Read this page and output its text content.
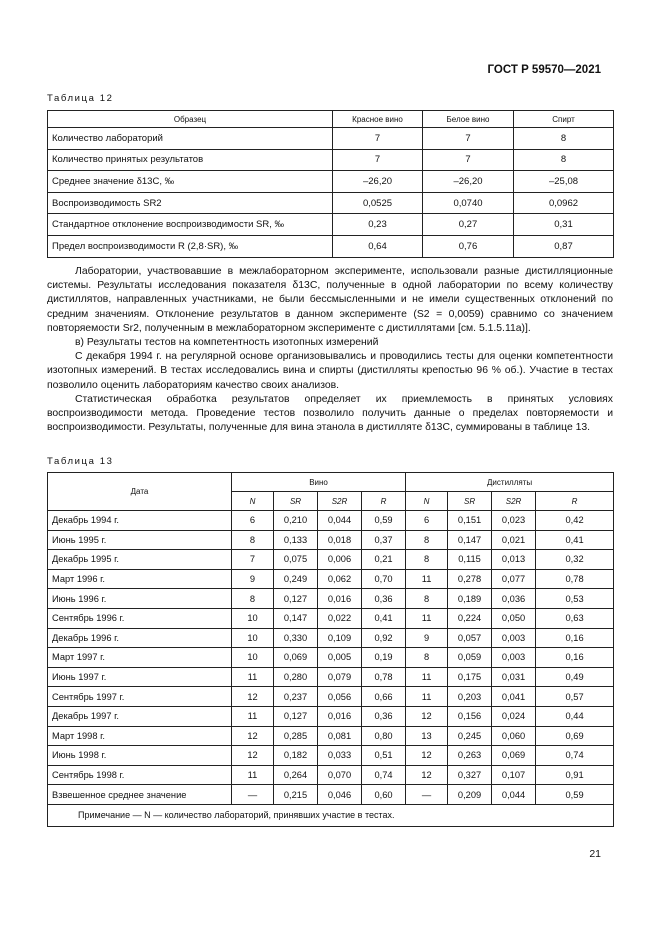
ГОСТ Р 59570—2021
Таблица 12
Образец	Красное вино	Белое вино	Спирт
Количество лабораторий	7	7	8
Количество принятых результатов	7	7	8
Среднее значение δ13C, ‰	–26,20	–26,20	–25,08
Воспроизводимость SR2	0,0525	0,0740	0,0962
Стандартное отклонение воспроизводимости SR, ‰	0,23	0,27	0,31
Предел воспроизводимости R (2,8·SR), ‰	0,64	0,76	0,87

Лаборатории, участвовавшие в межлабораторном эксперименте, использовали разные дистилляционные системы. Результаты исследования показателя δ13C, полученные в одной лаборатории по всему количеству дистиллятов, направленных участниками, не были бессмысленными и не имели существенных отклонений по средним значениям. Отклонение результатов в данном эксперименте (S2 = 0,0059) сравнимо со значением повторяемости Sr2, полученным в межлабораторном эксперименте с дистиллятами [см. 5.1.5.11а)].

в) Результаты тестов на компетентность изотопных измерений

С декабря 1994 г. на регулярной основе организовывались и проводились тесты для оценки компетентности изотопных измерений. В тестах исследовались вина и спирты (дистилляты крепостью 96 % об.). Участие в тестах позволило оценить лабораториям качество своих анализов.

Статистическая обработка результатов определяет их приемлемость в принятых условиях воспроизводимости метода. Проведение тестов позволило получить данные о пределах повторяемости и воспроизводимости. Результаты, полученные для вина этанола в дистилляте δ13C, суммированы в таблице 13.

Таблица 13
Дата	Вино				Дистилляты			
	N	SR	S2R	R	N	SR	S2R	R
Декабрь 1994 г.	6	0,210	0,044	0,59	6	0,151	0,023	0,42
Июнь 1995 г.	8	0,133	0,018	0,37	8	0,147	0,021	0,41
Декабрь 1995 г.	7	0,075	0,006	0,21	8	0,115	0,013	0,32
Март 1996 г.	9	0,249	0,062	0,70	11	0,278	0,077	0,78
Июнь 1996 г.	8	0,127	0,016	0,36	8	0,189	0,036	0,53
Сентябрь 1996 г.	10	0,147	0,022	0,41	11	0,224	0,050	0,63
Декабрь 1996 г.	10	0,330	0,109	0,92	9	0,057	0,003	0,16
Март 1997 г.	10	0,069	0,005	0,19	8	0,059	0,003	0,16
Июнь 1997 г.	11	0,280	0,079	0,78	11	0,175	0,031	0,49
Сентябрь 1997 г.	12	0,237	0,056	0,66	11	0,203	0,041	0,57
Декабрь 1997 г.	11	0,127	0,016	0,36	12	0,156	0,024	0,44
Март 1998 г.	12	0,285	0,081	0,80	13	0,245	0,060	0,69
Июнь 1998 г.	12	0,182	0,033	0,51	12	0,263	0,069	0,74
Сентябрь 1998 г.	11	0,264	0,070	0,74	12	0,327	0,107	0,91
Взвешенное среднее значение	—	0,215	0,046	0,60	—	0,209	0,044	0,59
Примечание — N — количество лабораторий, принявших участие в тестах.								
21
